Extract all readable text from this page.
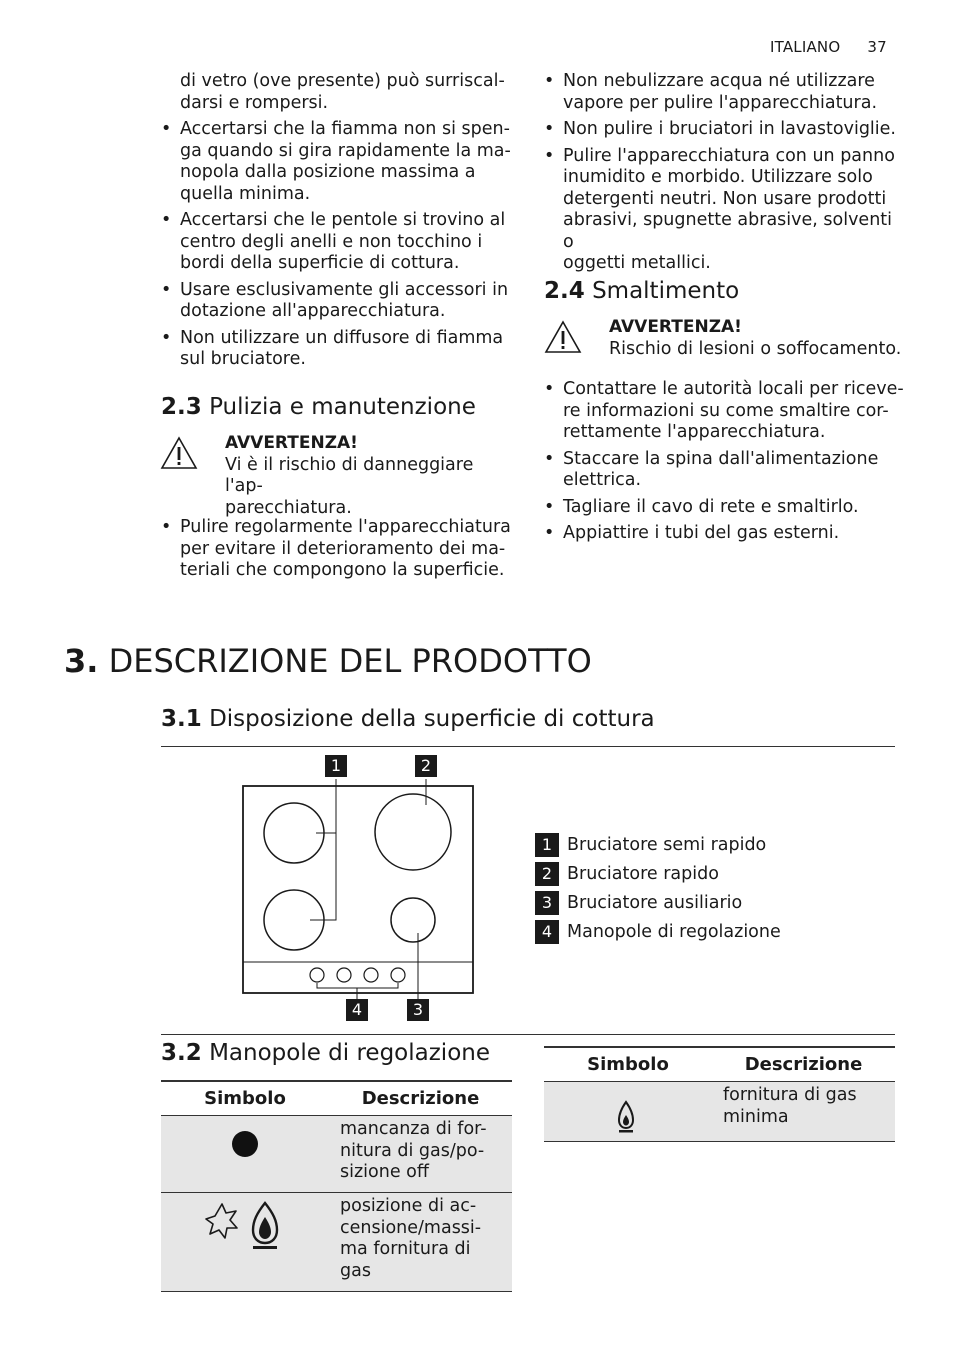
ITALIANO 37

di vetro (ove presente) può surriscal-
darsi e rompersi.

• Accertarsi che la fiamma non si spen-
ga quando si gira rapidamente la ma-
nopola dalla posizione massima a
quella minima.
• Accertarsi che le pentole si trovino al
centro degli anelli e non tocchino i
bordi della superficie di cottura.
• Usare esclusivamente gli accessori in
dotazione all'apparecchiatura.
• Non utilizzare un diffusore di fiamma
sul bruciatore.
2.3 Pulizia e manutenzione

AVVERTENZA!

Vi è il rischio di danneggiare l'ap-
parecchiatura.

• Pulire regolarmente l'apparecchiatura
per evitare il deterioramento dei ma-
teriali che compongono la superficie.
• Non nebulizzare acqua né utilizzare
vapore per pulire l'apparecchiatura.
• Non pulire i bruciatori in lavastoviglie.
• Pulire l'apparecchiatura con un panno
inumidito e morbido. Utilizzare solo
detergenti neutri. Non usare prodotti
abrasivi, spugnette abrasive, solventi o
oggetti metallici.
2.4 Smaltimento

AVVERTENZA!

Rischio di lesioni o soffocamento.

• Contattare le autorità locali per riceve-
re informazioni su come smaltire cor-
rettamente l'apparecchiatura.
• Staccare la spina dall'alimentazione
elettrica.
• Tagliare il cavo di rete e smaltirlo.
• Appiattire i tubi del gas esterni.
3. DESCRIZIONE DEL PRODOTTO
3.1 Disposizione della superficie di cottura
1	2
4	3
1 Bruciatore semi rapido
2 Bruciatore rapido
3 Bruciatore ausiliario
4 Manopole di regolazione
3.2 Manopole di regolazione
Simbolo	Descrizione
	mancanza di for-
nitura di gas/po-
sizione off
	posizione di ac-
censione/massi-
ma fornitura di
gas
Simbolo	Descrizione
	fornitura di gas
minima
